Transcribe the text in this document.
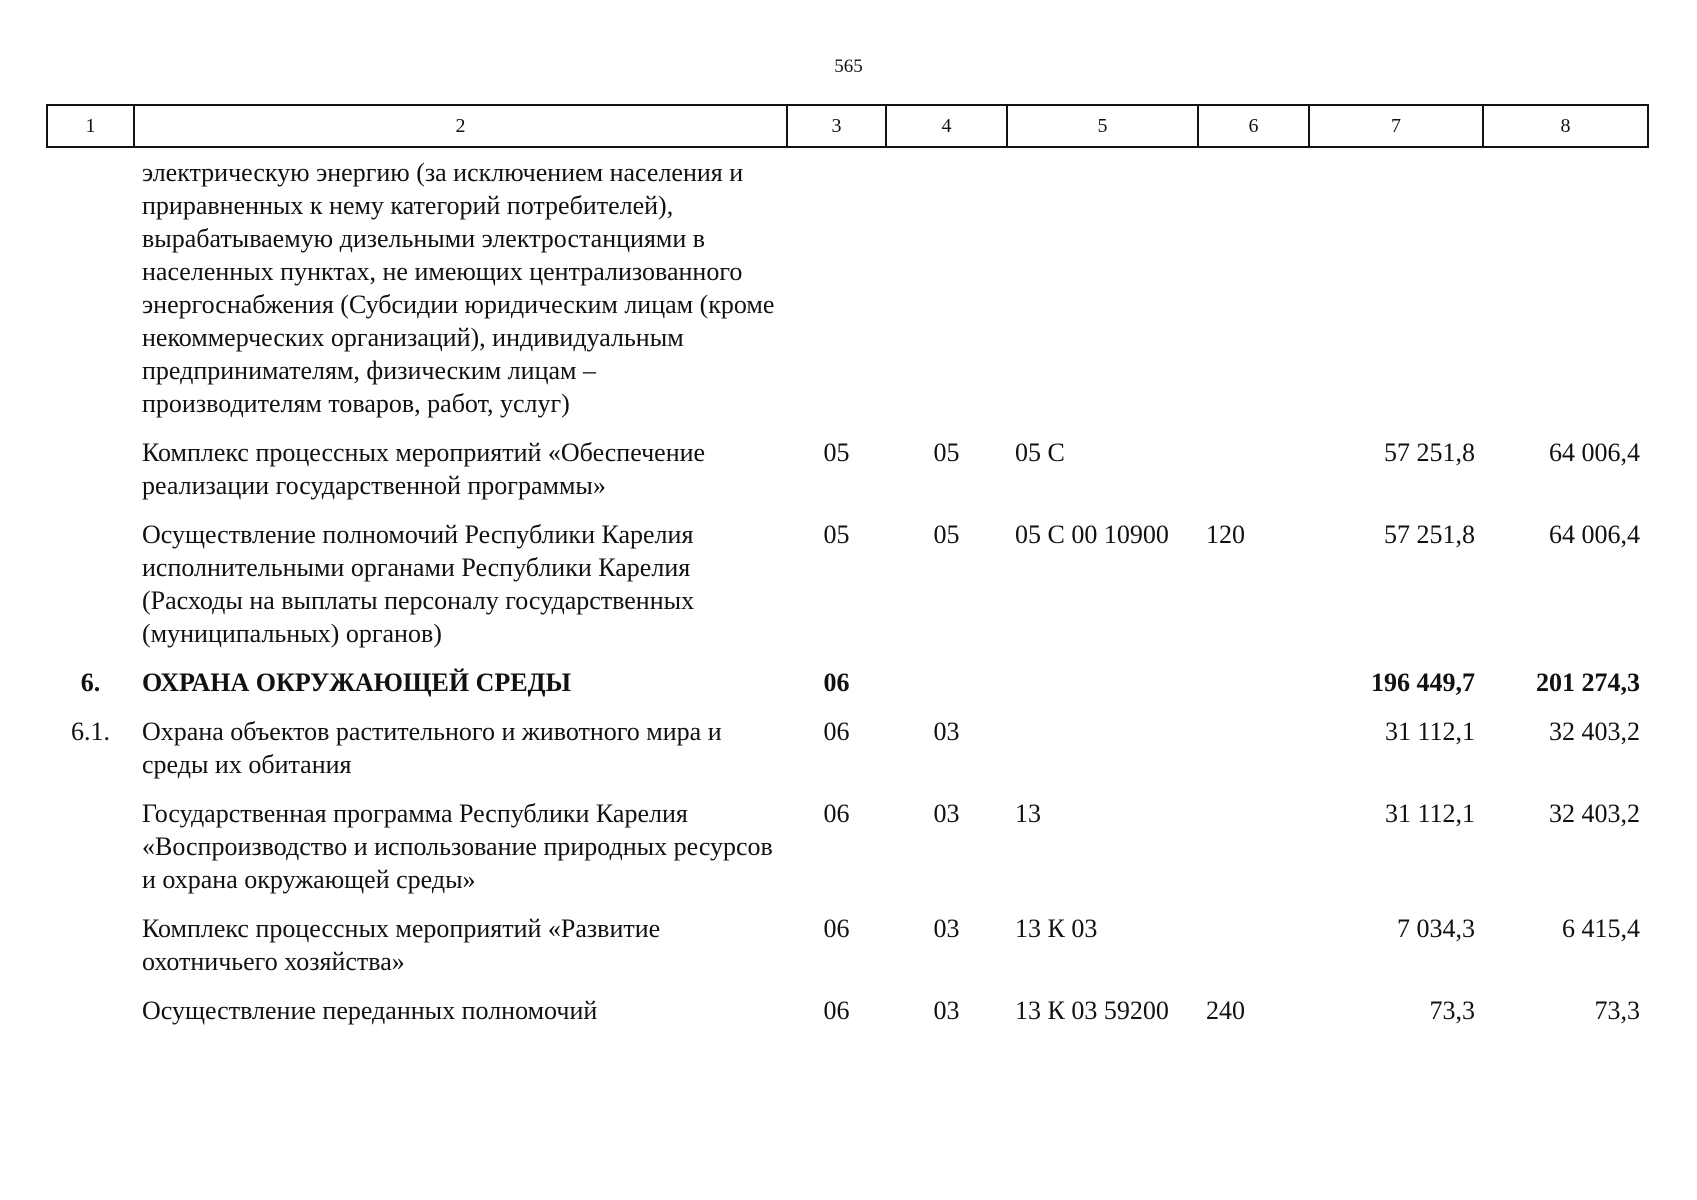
565
1	2	3	4	5	6	7	8
	электрическую энергию (за исключением населения и приравненных к нему категорий потребителей), вырабатываемую дизельными электростанциями в населенных пунктах, не имеющих централизованного энергоснабжения (Субсидии юридическим лицам (кроме некоммерческих организаций), индивидуальным предпринимателям, физическим лицам – производителям товаров, работ, услуг)						
	Комплекс процессных мероприятий «Обеспечение реализации государственной программы»	05	05	05 С		57 251,8	64 006,4
	Осуществление полномочий Республики Карелия исполнительными органами Республики Карелия (Расходы на выплаты персоналу государственных (муниципальных) органов)	05	05	05 С 00 10900	120	57 251,8	64 006,4
6.	ОХРАНА ОКРУЖАЮЩЕЙ СРЕДЫ	06				196 449,7	201 274,3
6.1.	Охрана объектов растительного и животного мира и среды их обитания	06	03			31 112,1	32 403,2
	Государственная программа Республики Карелия «Воспроизводство и использование природных ресурсов и охрана окружающей среды»	06	03	13		31 112,1	32 403,2
	Комплекс процессных мероприятий «Развитие охотничьего хозяйства»	06	03	13 К 03		7 034,3	6 415,4
	Осуществление переданных полномочий	06	03	13 К 03 59200	240	73,3	73,3
